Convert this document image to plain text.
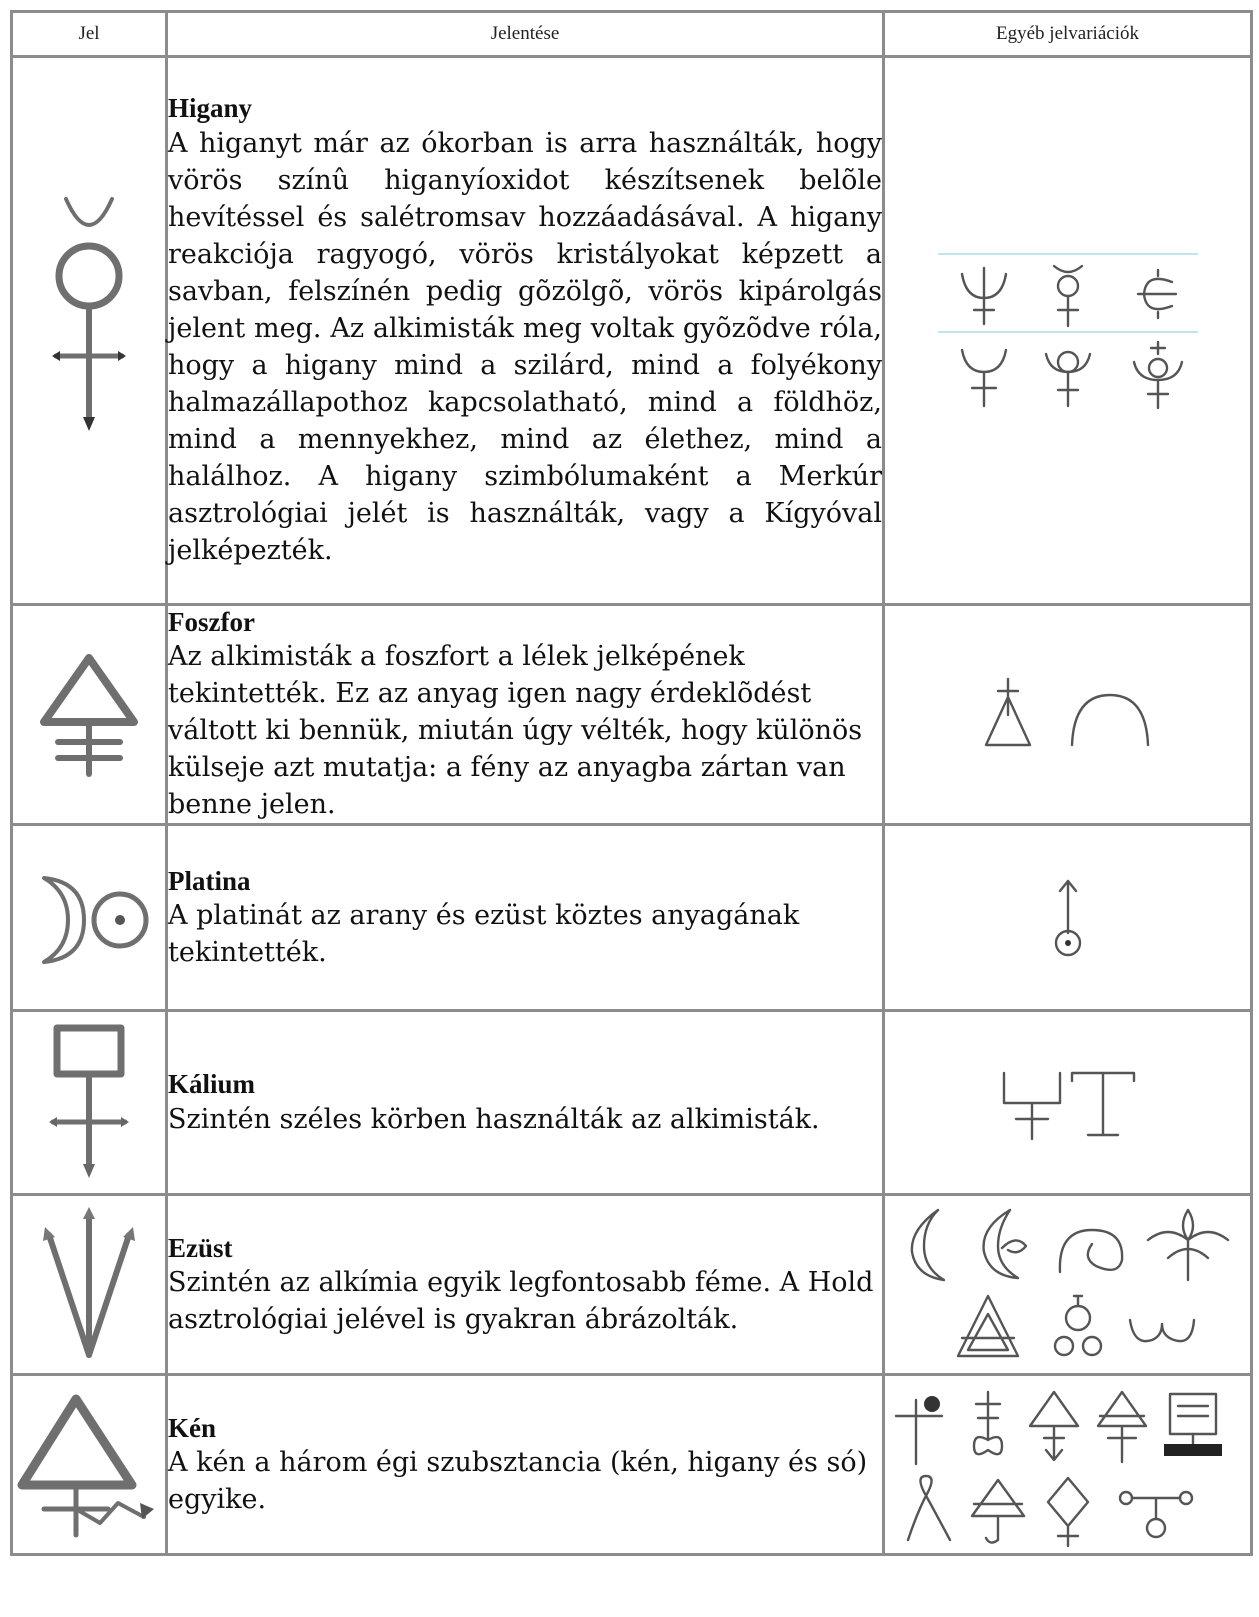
Jel	Jelentése	Egyéb jelvariációk

Higany
A higanyt már az ókorban is arra használták, hogy vörös színû higanyíoxidot készítsenek belõle hevítéssel és salétromsav hozzáadásával. A higany reakciója ragyogó, vörös kristályokat képzett a savban, felszínén pedig gõzölgõ, vörös kipárolgás jelent meg. Az alkimisták meg voltak gyõzõdve róla, hogy a higany mind a szilárd, mind a folyékony halmazállapothoz kapcsolatható, mind a földhöz, mind a mennyekhez, mind az élethez, mind a halálhoz. A higany szimbólumaként a Merkúr asztrológiai jelét is használták, vagy a Kígyóval jelképezték.

Foszfor
Az alkimisták a foszfort a lélek jelképének tekintették. Ez az anyag igen nagy érdeklõdést váltott ki bennük, miután úgy vélték, hogy különös külseje azt mutatja: a fény az anyagba zártan van benne jelen.

Platina
A platinát az arany és ezüst köztes anyagának tekintették.

Kálium
Szintén széles körben használták az alkimisták.

Ezüst
Szintén az alkímia egyik legfontosabb féme. A Hold asztrológiai jelével is gyakran ábrázolták.

Kén
A kén a három égi szubsztancia (kén, higany és só) egyike.
